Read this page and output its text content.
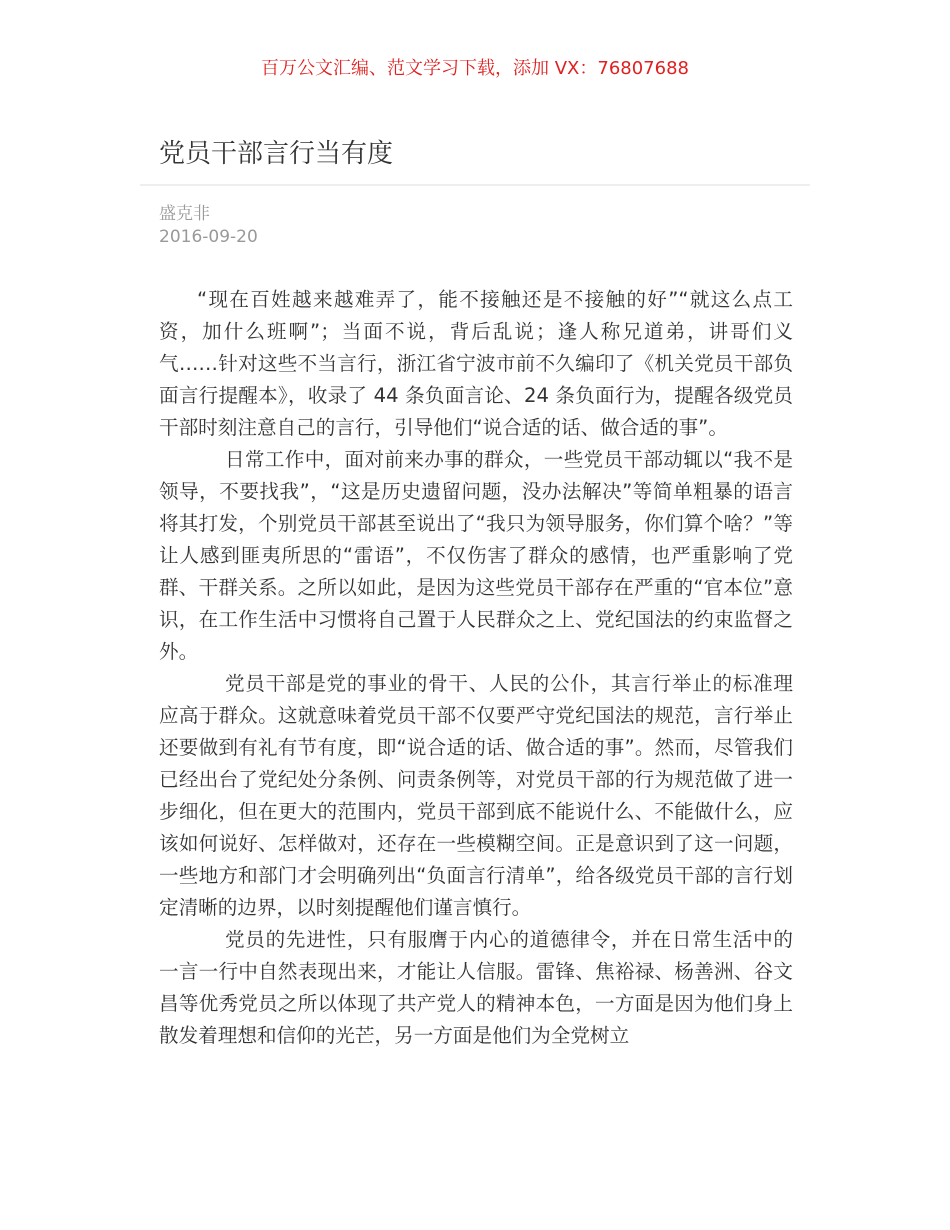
百万公文汇编、范文学习下载，添加 VX：76807688
党员干部言行当有度
盛克非
2016-09-20

“现在百姓越来越难弄了，能不接触还是不接触的好”“就这么点工资，加什么班啊”；当面不说，背后乱说；逢人称兄道弟，讲哥们义气……针对这些不当言行，浙江省宁波市前不久编印了《机关党员干部负面言行提醒本》，收录了 44 条负面言论、24 条负面行为，提醒各级党员干部时刻注意自己的言行，引导他们“说合适的话、做合适的事”。

日常工作中，面对前来办事的群众，一些党员干部动辄以“我不是领导，不要找我”，“这是历史遗留问题，没办法解决”等简单粗暴的语言将其打发，个别党员干部甚至说出了“我只为领导服务，你们算个啥？”等让人感到匪夷所思的“雷语”，不仅伤害了群众的感情，也严重影响了党群、干群关系。之所以如此，是因为这些党员干部存在严重的“官本位”意识，在工作生活中习惯将自己置于人民群众之上、党纪国法的约束监督之外。

党员干部是党的事业的骨干、人民的公仆，其言行举止的标准理应高于群众。这就意味着党员干部不仅要严守党纪国法的规范，言行举止还要做到有礼有节有度，即“说合适的话、做合适的事”。然而，尽管我们已经出台了党纪处分条例、问责条例等，对党员干部的行为规范做了进一步细化，但在更大的范围内，党员干部到底不能说什么、不能做什么，应该如何说好、怎样做对，还存在一些模糊空间。正是意识到了这一问题，一些地方和部门才会明确列出“负面言行清单”，给各级党员干部的言行划定清晰的边界，以时刻提醒他们谨言慎行。

党员的先进性，只有服膺于内心的道德律令，并在日常生活中的一言一行中自然表现出来，才能让人信服。雷锋、焦裕禄、杨善洲、谷文昌等优秀党员之所以体现了共产党人的精神本色，一方面是因为他们身上散发着理想和信仰的光芒，另一方面是他们为全党树立
